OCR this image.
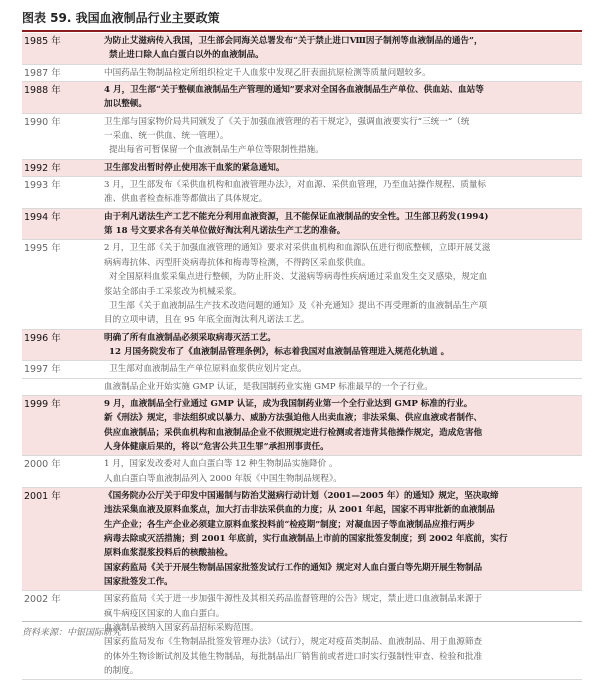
图表 59. 我国血液制品行业主要政策
1985 年	为防止艾滋病传入我国，卫生部会同海关总署发布“关于禁止进口Ⅷ因子制剂等血液制品的通告”，
禁止进口除人血白蛋白以外的血液制品。
1987 年	中国药品生物制品检定所组织检定千人血浆中发现乙肝表面抗原检测等质量问题较多。
1988 年	4 月，卫生部“关于整顿血液制品生产管理的通知”要求对全国各血液制品生产单位、供血站、血站等
加以整顿。
1990 年	卫生部与国家物价局共同颁发了《关于加强血液管理的若干规定》，强调血液要实行“三统一”（统
一采血、统一供血、统一管理）。
提出每省可暂保留一个血液制品生产单位等限制性措施。
1992 年	卫生部发出暂时停止使用冻干血浆的紧急通知。
1993 年	3 月，卫生部发布《采供血机构和血液管理办法》，对血源、采供血管理，乃至血站操作规程、质量标
准、供血者检查标准等都做出了具体规定。
1994 年	由于利凡诺法生产工艺不能充分利用血液资源，且不能保证血液制品的安全性。卫生部卫药发(1994)
第 18 号文要求各有关单位做好淘汰利凡诺法生产工艺的准备。
1995 年	2 月，卫生部《关于加强血液管理的通知》要求对采供血机构和血源队伍进行彻底整顿，立即开展艾滋
病病毒抗体、丙型肝炎病毒抗体和梅毒等检测，不得跨区采血浆供血。
对全国原料血浆采集点进行整顿，为防止肝炎、艾滋病等病毒性疾病通过采血发生交叉感染，规定血
浆站全部由手工采浆改为机械采浆。
卫生部《关于血液制品生产技术改造问题的通知》及《补充通知》提出不再受理新的血液制品生产项
目的立项申请，且在 95 年底全面淘汰利凡诺法工艺。
1996 年	明确了所有血液制品必须采取病毒灭活工艺。
12 月国务院发布了《血液制品管理条例》，标志着我国对血液制品管理进入规范化轨道 。
1997 年	卫生部对血液制品生产单位原料血浆供应划片定点。
血液制品企业开始实施 GMP 认证，是我国制药业实施 GMP 标准最早的一个子行业。
1999 年	9 月，血液制品全行业通过 GMP 认证，成为我国制药业第一个全行业达到 GMP 标准的行业。
新《刑法》规定，非法组织或以暴力、威胁方法强迫他人出卖血液；非法采集、供应血液或者制作、
供应血液制品；采供血机构和血液制品企业不依照规定进行检测或者违背其他操作规定，造成危害他
人身体健康后果的，将以“危害公共卫生罪”承担刑事责任。
2000 年	1 月，国家发改委对人血白蛋白等 12 种生物制品实施降价 。
人血白蛋白等血液制品列入 2000 年版《中国生物制品规程》。
2001 年	《国务院办公厅关于印发中国遏制与防治艾滋病行动计划（2001—2005 年）的通知》规定，坚决取缔
违法采集血液及原料血浆点，加大打击非法采供血的力度；从 2001 年起，国家不再审批新的血液制品
生产企业；各生产企业必须建立原料血浆投料前“检疫期”制度；对凝血因子等血液制品应推行两步
病毒去除或灭活措施；到 2001 年底前，实行血液制品上市前的国家批签发制度；到 2002 年底前，实行
原料血浆混浆投料后的核酸抽检。
国家药监局《关于开展生物制品国家批签发试行工作的通知》规定对人血白蛋白等先期开展生物制品
国家批签发工作。
2002 年	国家药监局《关于进一步加强牛源性及其相关药品监督管理的公告》规定，禁止进口血液制品来源于
疯牛病疫区国家的人血白蛋白。
血液制品被纳入国家药品招标采购范围。
国家药监局发布《生物制品批签发管理办法》（试行），规定对疫苗类制品、血液制品、用于血源筛查
的体外生物诊断试剂及其他生物制品，每批制品出厂销售前或者进口时实行强制性审查、检验和批准
的制度。
资料来源：中银国际研究
